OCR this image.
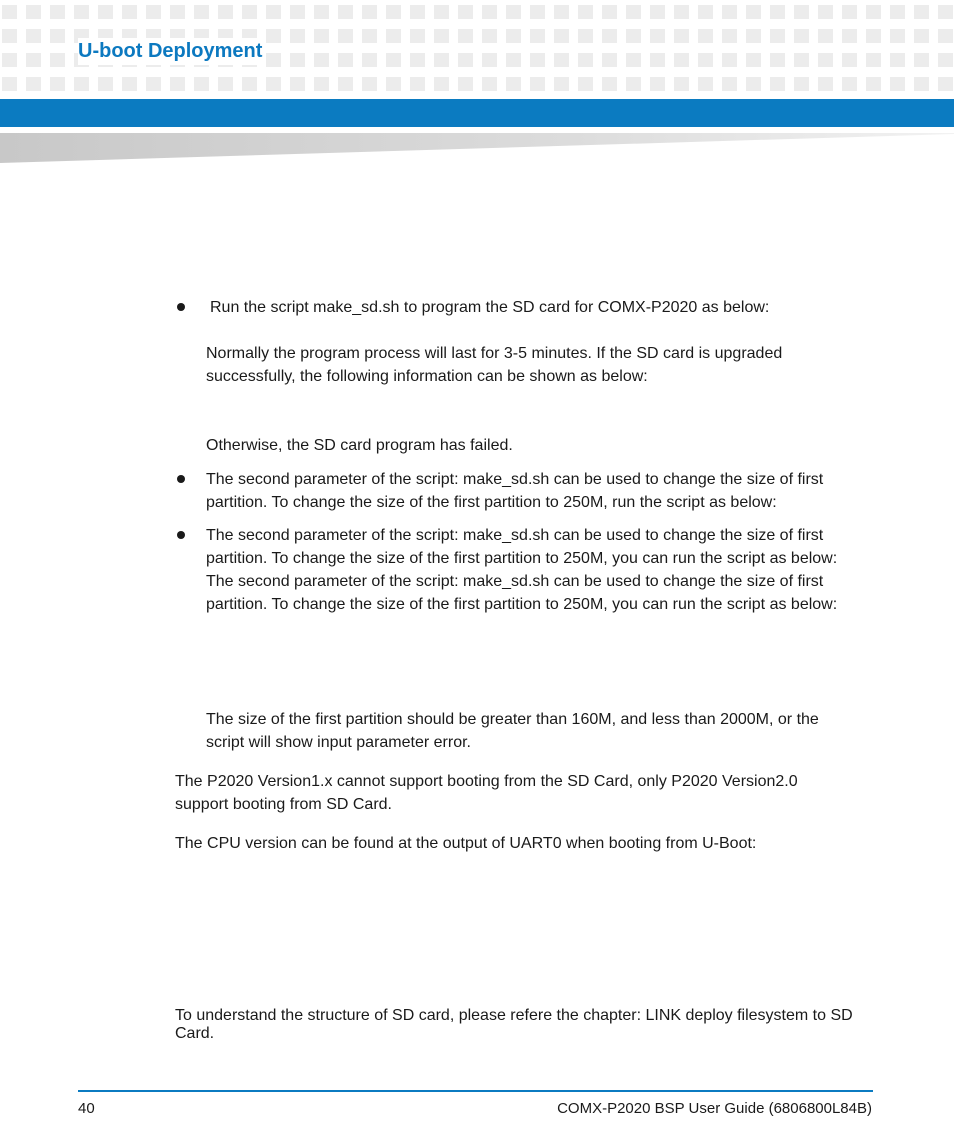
U-boot Deployment

Run the script make_sd.sh to program the SD card for COMX-P2020 as below:

Normally the program process will last for 3-5 minutes. If the SD card is upgraded

successfully, the following information can be shown as below:

Otherwise, the SD card program has failed.

The second parameter of the script: make_sd.sh can be used to change the size of first

partition. To change the size of the first partition to 250M, run the script as below:

The second parameter of the script: make_sd.sh can be used to change the size of first

partition. To change the size of the first partition to 250M, you can run the script as below:

The second parameter of the script: make_sd.sh can be used to change the size of first

partition. To change the size of the first partition to 250M, you can run the script as below:

The size of the first partition should be greater than 160M, and less than 2000M, or the

script will show input parameter error.

The P2020 Version1.x cannot support booting from the SD Card, only P2020 Version2.0

support booting from SD Card.

The CPU version can be found at the output of UART0 when booting from U-Boot:

To understand the structure of SD card, please refere the chapter: LINK deploy filesystem to SD

Card.

40	COMX-P2020 BSP User Guide (6806800L84B)
